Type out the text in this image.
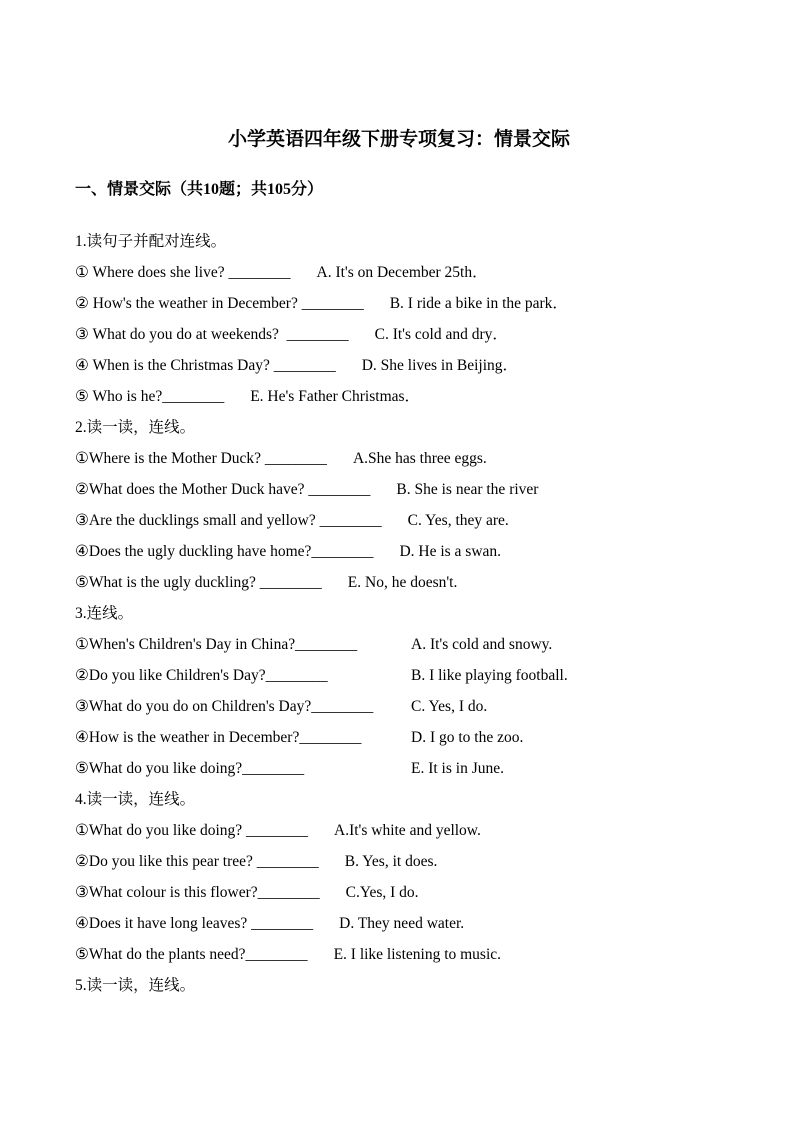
小学英语四年级下册专项复习：情景交际
一、情景交际（共10题；共105分）
1.读句子并配对连线。
① Where does she live? ________ A. It's on December 25th．
② How's the weather in December? ________ B. I ride a bike in the park．
③ What do you do at weekends?  ________ C. It's cold and dry．
④ When is the Christmas Day? ________ D. She lives in Beijing．
⑤ Who is he?________ E. He's Father Christmas．
2.读一读，连线。
①Where is the Mother Duck? ________ A.She has three eggs.
②What does the Mother Duck have? ________ B. She is near the river
③Are the ducklings small and yellow? ________ C. Yes, they are.
④Does the ugly duckling have home?________ D. He is a swan.
⑤What is the ugly duckling? ________ E. No, he doesn't.
3.连线。
①When's Children's Day in China?________	A. It's cold and snowy.
②Do you like Children's Day?________	B. I like playing football.
③What do you do on Children's Day?________	C. Yes, I do.
④How is the weather in December?________	D. I go to the zoo.
⑤What do you like doing?________	E. It is in June.
4.读一读，连线。
①What do you like doing? ________ A.It's white and yellow.
②Do you like this pear tree? ________ B. Yes, it does.
③What colour is this flower?________ C.Yes, I do.
④Does it have long leaves? ________ D. They need water.
⑤What do the plants need?________ E. I like listening to music.
5.读一读，连线。
